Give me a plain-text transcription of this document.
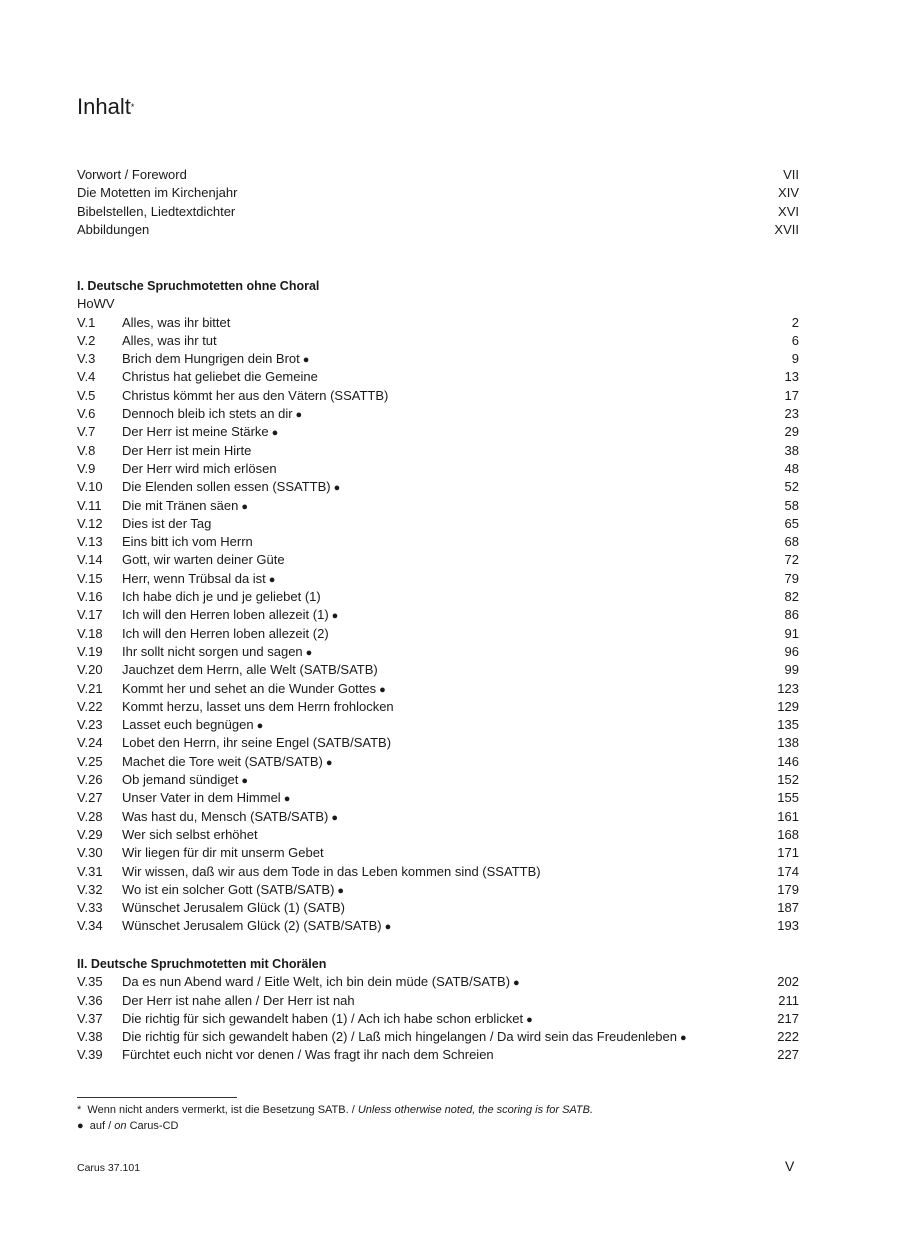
Inhalt*
Vorwort / Foreword	VII
Die Motetten im Kirchenjahr	XIV
Bibelstellen, Liedtextdichter	XVI
Abbildungen	XVII
I. Deutsche Spruchmotetten ohne Choral
HoWV
V.1	Alles, was ihr bittet	2
V.2	Alles, was ihr tut	6
V.3	Brich dem Hungrigen dein Brot ●	9
V.4	Christus hat geliebet die Gemeine	13
V.5	Christus kömmt her aus den Vätern (SSATTB)	17
V.6	Dennoch bleib ich stets an dir ●	23
V.7	Der Herr ist meine Stärke ●	29
V.8	Der Herr ist mein Hirte	38
V.9	Der Herr wird mich erlösen	48
V.10	Die Elenden sollen essen (SSATTB) ●	52
V.11	Die mit Tränen säen ●	58
V.12	Dies ist der Tag	65
V.13	Eins bitt ich vom Herrn	68
V.14	Gott, wir warten deiner Güte	72
V.15	Herr, wenn Trübsal da ist ●	79
V.16	Ich habe dich je und je geliebet (1)	82
V.17	Ich will den Herren loben allezeit (1) ●	86
V.18	Ich will den Herren loben allezeit (2)	91
V.19	Ihr sollt nicht sorgen und sagen ●	96
V.20	Jauchzet dem Herrn, alle Welt (SATB/SATB)	99
V.21	Kommt her und sehet an die Wunder Gottes ●	123
V.22	Kommt herzu, lasset uns dem Herrn frohlocken	129
V.23	Lasset euch begnügen ●	135
V.24	Lobet den Herrn, ihr seine Engel (SATB/SATB)	138
V.25	Machet die Tore weit (SATB/SATB) ●	146
V.26	Ob jemand sündiget ●	152
V.27	Unser Vater in dem Himmel ●	155
V.28	Was hast du, Mensch (SATB/SATB) ●	161
V.29	Wer sich selbst erhöhet	168
V.30	Wir liegen für dir mit unserm Gebet	171
V.31	Wir wissen, daß wir aus dem Tode in das Leben kommen sind (SSATTB)	174
V.32	Wo ist ein solcher Gott (SATB/SATB) ●	179
V.33	Wünschet Jerusalem Glück (1) (SATB)	187
V.34	Wünschet Jerusalem Glück (2) (SATB/SATB) ●	193
II. Deutsche Spruchmotetten mit Chorälen
V.35	Da es nun Abend ward / Eitle Welt, ich bin dein müde (SATB/SATB) ●	202
V.36	Der Herr ist nahe allen / Der Herr ist nah	211
V.37	Die richtig für sich gewandelt haben (1) / Ach ich habe schon erblicket ●	217
V.38	Die richtig für sich gewandelt haben (2) / Laß mich hingelangen / Da wird sein das Freudenleben ●	222
V.39	Fürchtet euch nicht vor denen / Was fragt ihr nach dem Schreien	227
* Wenn nicht anders vermerkt, ist die Besetzung SATB. / Unless otherwise noted, the scoring is for SATB.
● auf / on Carus-CD
Carus 37.101	V
